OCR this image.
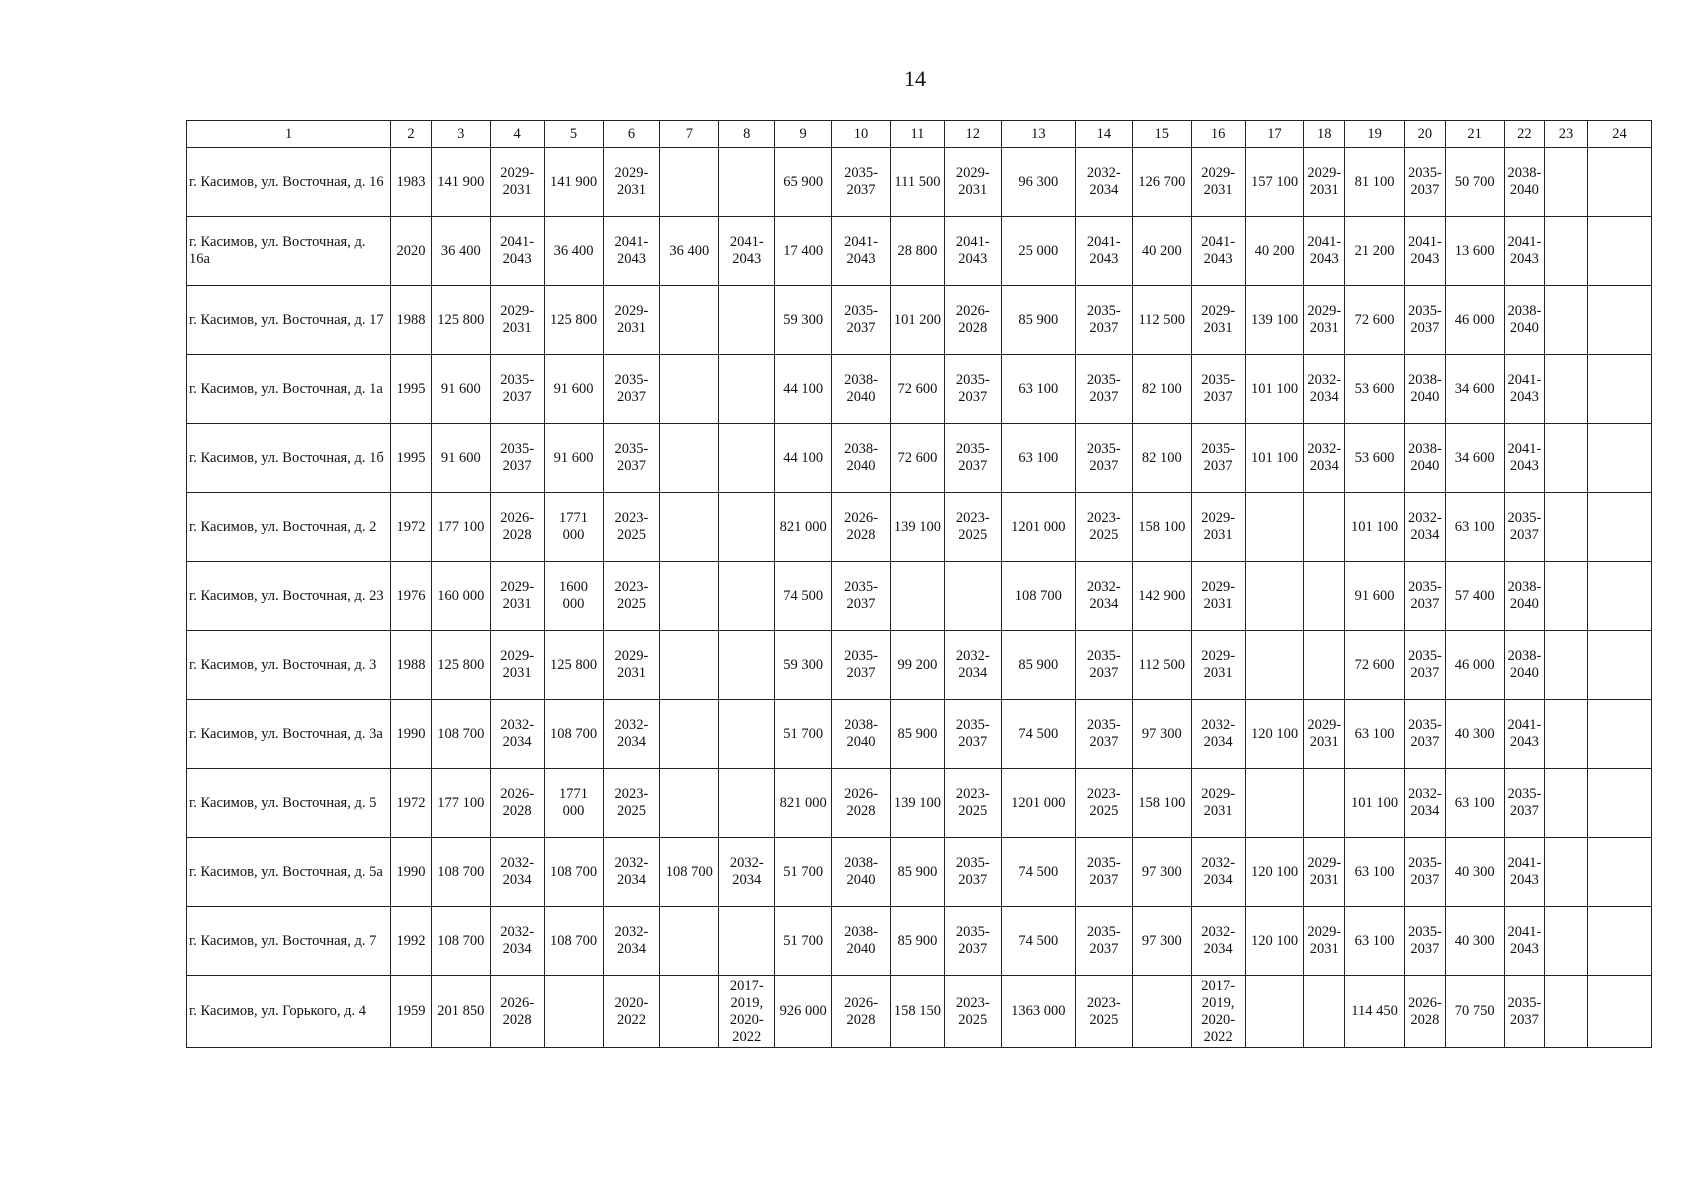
14
1	2	3	4	5	6	7	8	9	10	11	12	13	14	15	16	17	18	19	20	21	22	23	24

г. Касимов, ул. Восточная, д. 16	1983	141 900	2029-
2031	141 900	2029-
2031			65 900	2035-
2037	111 500	2029-
2031	96 300	2032-
2034	126 700	2029-
2031	157 100	2029-
2031	81 100	2035-
2037	50 700	2038-
2040		

г. Касимов, ул. Восточная, д. 16а	2020	36 400	2041-
2043	36 400	2041-
2043	36 400	2041-
2043	17 400	2041-
2043	28 800	2041-
2043	25 000	2041-
2043	40 200	2041-
2043	40 200	2041-
2043	21 200	2041-
2043	13 600	2041-
2043		

г. Касимов, ул. Восточная, д. 17	1988	125 800	2029-
2031	125 800	2029-
2031			59 300	2035-
2037	101 200	2026-
2028	85 900	2035-
2037	112 500	2029-
2031	139 100	2029-
2031	72 600	2035-
2037	46 000	2038-
2040		

г. Касимов, ул. Восточная, д. 1а	1995	91 600	2035-
2037	91 600	2035-
2037			44 100	2038-
2040	72 600	2035-
2037	63 100	2035-
2037	82 100	2035-
2037	101 100	2032-
2034	53 600	2038-
2040	34 600	2041-
2043		

г. Касимов, ул. Восточная, д. 1б	1995	91 600	2035-
2037	91 600	2035-
2037			44 100	2038-
2040	72 600	2035-
2037	63 100	2035-
2037	82 100	2035-
2037	101 100	2032-
2034	53 600	2038-
2040	34 600	2041-
2043		

г. Касимов, ул. Восточная, д. 2	1972	177 100	2026-
2028	1771
000	2023-
2025			821 000	2026-
2028	139 100	2023-
2025	1201 000	2023-
2025	158 100	2029-
2031			101 100	2032-
2034	63 100	2035-
2037		

г. Касимов, ул. Восточная, д. 23	1976	160 000	2029-
2031	1600
000	2023-
2025			74 500	2035-
2037			108 700	2032-
2034	142 900	2029-
2031			91 600	2035-
2037	57 400	2038-
2040		

г. Касимов, ул. Восточная, д. 3	1988	125 800	2029-
2031	125 800	2029-
2031			59 300	2035-
2037	99 200	2032-
2034	85 900	2035-
2037	112 500	2029-
2031			72 600	2035-
2037	46 000	2038-
2040		

г. Касимов, ул. Восточная, д. 3а	1990	108 700	2032-
2034	108 700	2032-
2034			51 700	2038-
2040	85 900	2035-
2037	74 500	2035-
2037	97 300	2032-
2034	120 100	2029-
2031	63 100	2035-
2037	40 300	2041-
2043		

г. Касимов, ул. Восточная, д. 5	1972	177 100	2026-
2028	1771
000	2023-
2025			821 000	2026-
2028	139 100	2023-
2025	1201 000	2023-
2025	158 100	2029-
2031			101 100	2032-
2034	63 100	2035-
2037		

г. Касимов, ул. Восточная, д. 5а	1990	108 700	2032-
2034	108 700	2032-
2034	108 700	2032-
2034	51 700	2038-
2040	85 900	2035-
2037	74 500	2035-
2037	97 300	2032-
2034	120 100	2029-
2031	63 100	2035-
2037	40 300	2041-
2043		

г. Касимов, ул. Восточная, д. 7	1992	108 700	2032-
2034	108 700	2032-
2034			51 700	2038-
2040	85 900	2035-
2037	74 500	2035-
2037	97 300	2032-
2034	120 100	2029-
2031	63 100	2035-
2037	40 300	2041-
2043		

г. Касимов, ул. Горького, д. 4	1959	201 850	2026-
2028		2020-
2022		2017-
2019,
2020-
2022	926 000	2026-
2028	158 150	2023-
2025	1363 000	2023-
2025		2017-
2019,
2020-
2022			114 450	2026-
2028	70 750	2035-
2037		
